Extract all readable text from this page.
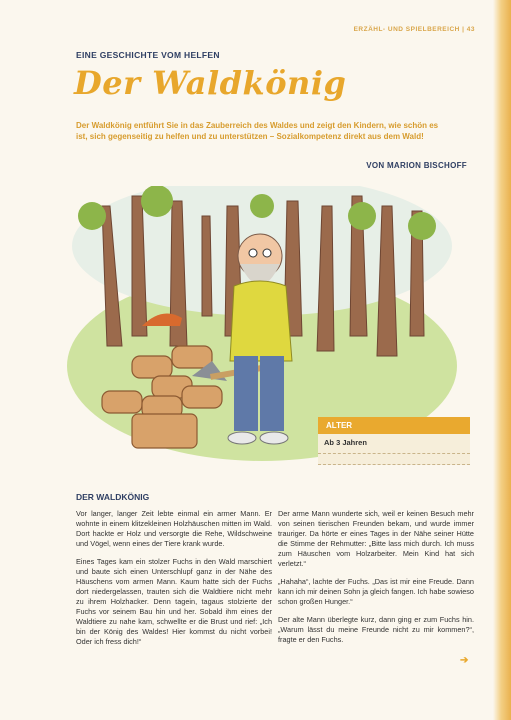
ERZÄHL- UND SPIELBEREICH | 43
EINE GESCHICHTE VOM HELFEN
Der Waldkönig
Der Waldkönig entführt Sie in das Zauberreich des Waldes und zeigt den Kindern, wie schön es ist, sich gegenseitig zu helfen und zu unterstützen – Sozialkompetenz direkt aus dem Wald!
VON MARION BISCHOFF
ALTER
Ab 3 Jahren
DER WALDKÖNIG

Vor langer, langer Zeit lebte einmal ein armer Mann. Er wohnte in einem klitzekleinen Holzhäuschen mitten im Wald. Dort hackte er Holz und versorgte die Rehe, Wildschweine und Vögel, wenn eines der Tiere krank wurde.

Eines Tages kam ein stolzer Fuchs in den Wald marschiert und baute sich einen Unterschlupf ganz in der Nähe des Häuschens vom armen Mann. Kaum hatte sich der Fuchs dort niedergelassen, trauten sich die Waldtiere nicht mehr zu ihrem Holzhacker. Denn tagein, tagaus stolzierte der Fuchs vor seinem Bau hin und her. Sobald ihm eines der Waldtiere zu nahe kam, schwellte er die Brust und rief: „Ich bin der König des Waldes! Hier kommst du nicht vorbei! Oder ich fress dich!“

Der arme Mann wunderte sich, weil er keinen Besuch mehr von seinen tierischen Freunden bekam, und wurde immer trauriger. Da hörte er eines Tages in der Nähe seiner Hütte die Stimme der Rehmutter: „Bitte lass mich durch. Ich muss zum Häuschen vom Holzarbeiter. Mein Kind hat sich verletzt.“

„Hahaha“, lachte der Fuchs. „Das ist mir eine Freude. Dann kann ich mir deinen Sohn ja gleich fangen. Ich habe sowieso schon großen Hunger.“

Der alte Mann überlegte kurz, dann ging er zum Fuchs hin. „Warum lässt du meine Freunde nicht zu mir kommen?“, fragte er den Fuchs.

➔
